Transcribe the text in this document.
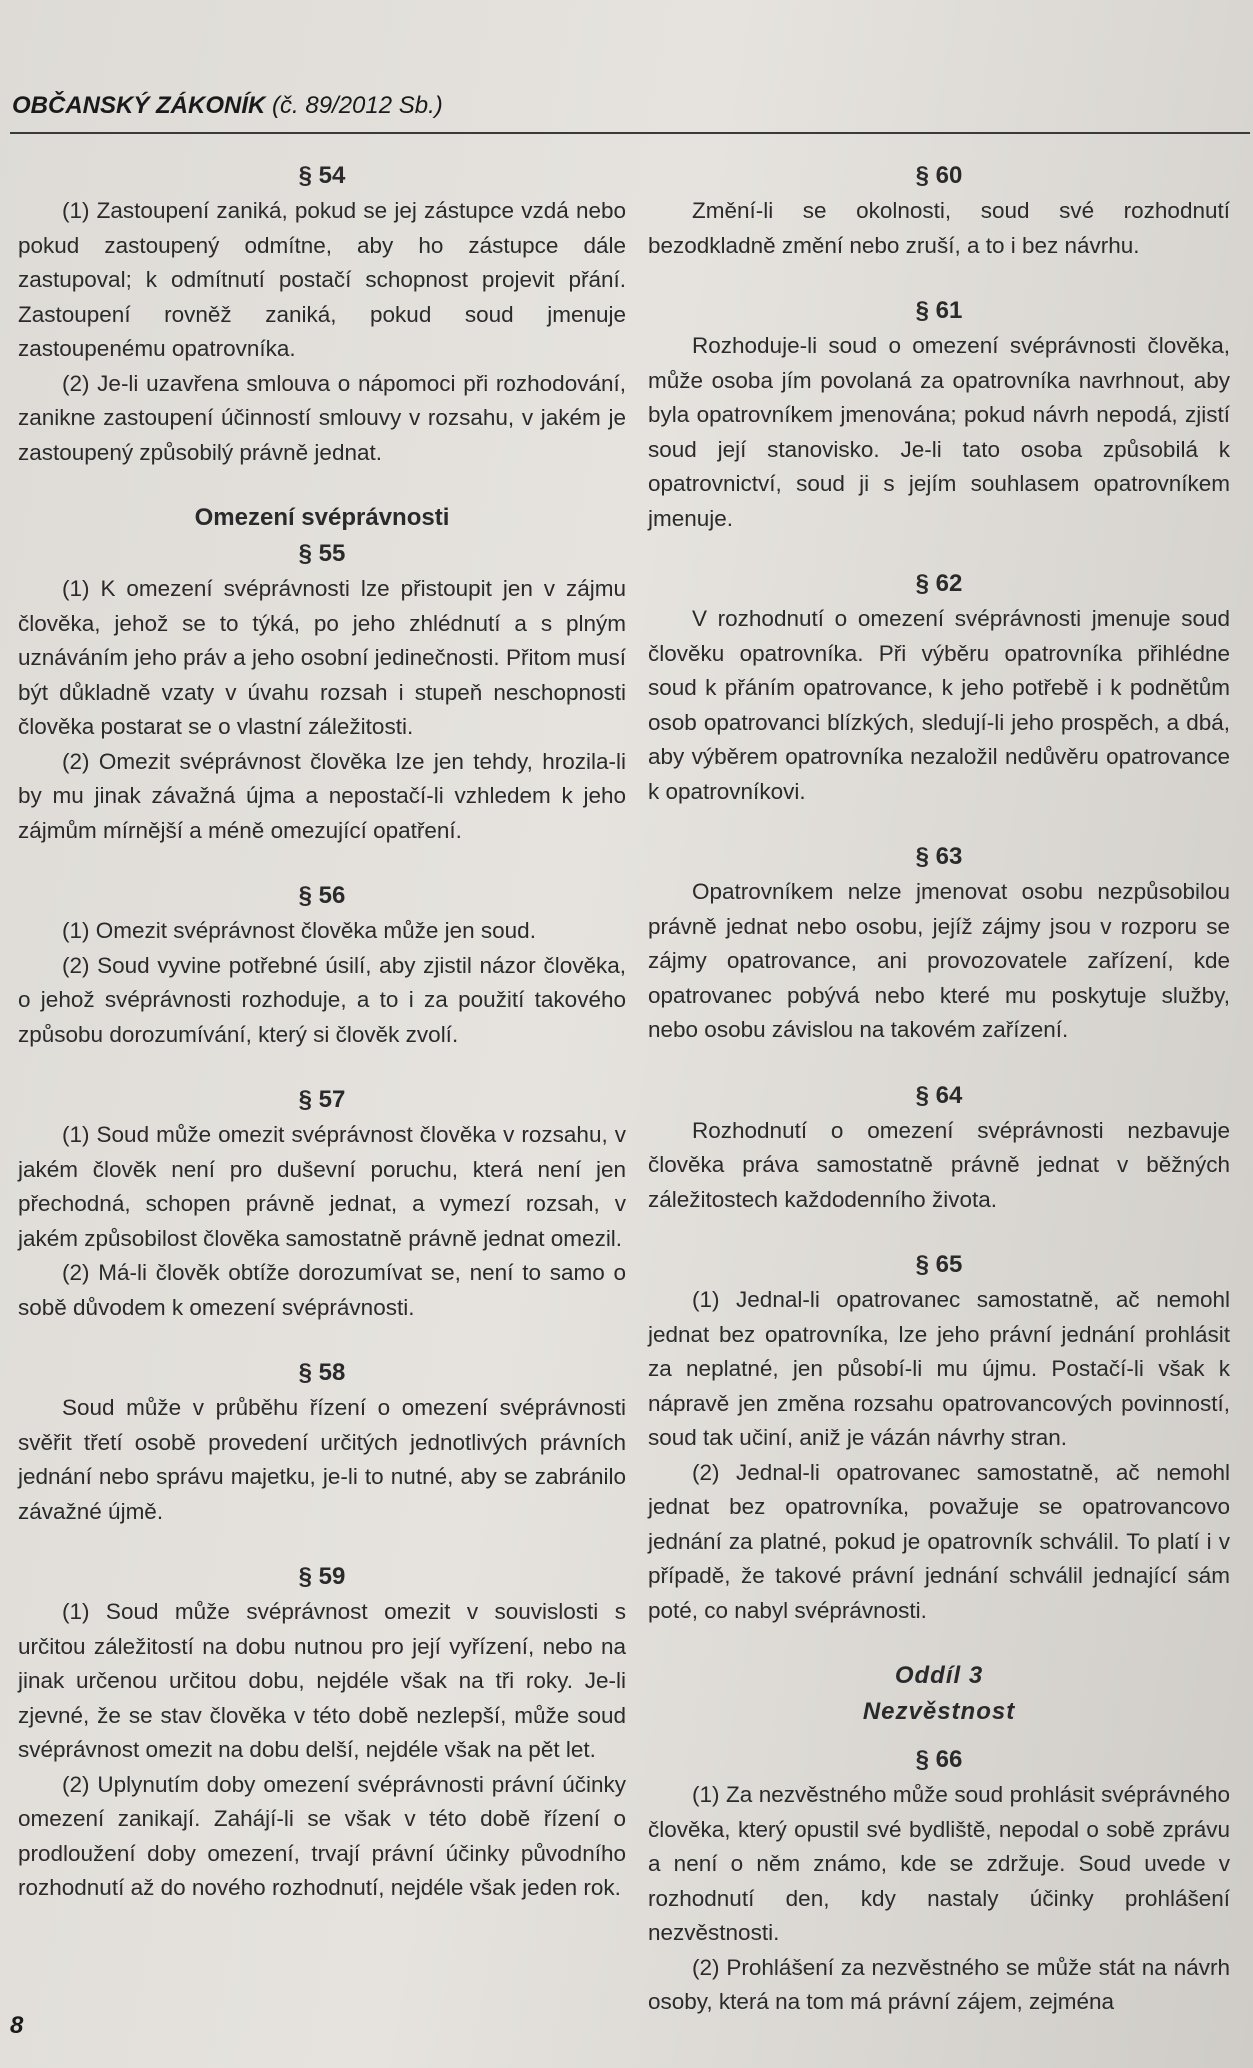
OBČANSKÝ ZÁKONÍK (č. 89/2012 Sb.)
§ 54

(1) Zastoupení zaniká, pokud se jej zástupce vzdá nebo pokud zastoupený odmítne, aby ho zástupce dále zastupoval; k odmítnutí postačí schopnost projevit přání. Zastoupení rovněž zaniká, pokud soud jmenuje zastoupenému opatrovníka.

(2) Je-li uzavřena smlouva o nápomoci při rozhodování, zanikne zastoupení účinností smlouvy v rozsahu, v jakém je zastoupený způsobilý právně jednat.

Omezení svéprávnosti
§ 55

(1) K omezení svéprávnosti lze přistoupit jen v zájmu člověka, jehož se to týká, po jeho zhlédnutí a s plným uznáváním jeho práv a jeho osobní jedinečnosti. Přitom musí být důkladně vzaty v úvahu rozsah i stupeň neschopnosti člověka postarat se o vlastní záležitosti.

(2) Omezit svéprávnost člověka lze jen tehdy, hrozila-li by mu jinak závažná újma a nepostačí-li vzhledem k jeho zájmům mírnější a méně omezující opatření.

§ 56

(1) Omezit svéprávnost člověka může jen soud.

(2) Soud vyvine potřebné úsilí, aby zjistil názor člověka, o jehož svéprávnosti rozhoduje, a to i za použití takového způsobu dorozumívání, který si člověk zvolí.

§ 57

(1) Soud může omezit svéprávnost člověka v rozsahu, v jakém člověk není pro duševní poruchu, která není jen přechodná, schopen právně jednat, a vymezí rozsah, v jakém způsobilost člověka samostatně právně jednat omezil.

(2) Má-li člověk obtíže dorozumívat se, není to samo o sobě důvodem k omezení svéprávnosti.

§ 58

Soud může v průběhu řízení o omezení svéprávnosti svěřit třetí osobě provedení určitých jednotlivých právních jednání nebo správu majetku, je-li to nutné, aby se zabránilo závažné újmě.

§ 59

(1) Soud může svéprávnost omezit v souvislosti s určitou záležitostí na dobu nutnou pro její vyřízení, nebo na jinak určenou určitou dobu, nejdéle však na tři roky. Je-li zjevné, že se stav člověka v této době nezlepší, může soud svéprávnost omezit na dobu delší, nejdéle však na pět let.

(2) Uplynutím doby omezení svéprávnosti právní účinky omezení zanikají. Zahájí-li se však v této době řízení o prodloužení doby omezení, trvají právní účinky původního rozhodnutí až do nového rozhodnutí, nejdéle však jeden rok.

§ 60

Změní-li se okolnosti, soud své rozhodnutí bezodkladně změní nebo zruší, a to i bez návrhu.

§ 61

Rozhoduje-li soud o omezení svéprávnosti člověka, může osoba jím povolaná za opatrovníka navrhnout, aby byla opatrovníkem jmenována; pokud návrh nepodá, zjistí soud její stanovisko. Je-li tato osoba způsobilá k opatrovnictví, soud ji s jejím souhlasem opatrovníkem jmenuje.

§ 62

V rozhodnutí o omezení svéprávnosti jmenuje soud člověku opatrovníka. Při výběru opatrovníka přihlédne soud k přáním opatrovance, k jeho potřebě i k podnětům osob opatrovanci blízkých, sledují-li jeho prospěch, a dbá, aby výběrem opatrovníka nezaložil nedůvěru opatrovance k opatrovníkovi.

§ 63

Opatrovníkem nelze jmenovat osobu nezpůsobilou právně jednat nebo osobu, jejíž zájmy jsou v rozporu se zájmy opatrovance, ani provozovatele zařízení, kde opatrovanec pobývá nebo které mu poskytuje služby, nebo osobu závislou na takovém zařízení.

§ 64

Rozhodnutí o omezení svéprávnosti nezbavuje člověka práva samostatně právně jednat v běžných záležitostech každodenního života.

§ 65

(1) Jednal-li opatrovanec samostatně, ač nemohl jednat bez opatrovníka, lze jeho právní jednání prohlásit za neplatné, jen působí-li mu újmu. Postačí-li však k nápravě jen změna rozsahu opatrovancových povinností, soud tak učiní, aniž je vázán návrhy stran.

(2) Jednal-li opatrovanec samostatně, ač nemohl jednat bez opatrovníka, považuje se opatrovancovo jednání za platné, pokud je opatrovník schválil. To platí i v případě, že takové právní jednání schválil jednající sám poté, co nabyl svéprávnosti.

Oddíl 3
Nezvěstnost
§ 66

(1) Za nezvěstného může soud prohlásit svéprávného člověka, který opustil své bydliště, nepodal o sobě zprávu a není o něm známo, kde se zdržuje. Soud uvede v rozhodnutí den, kdy nastaly účinky prohlášení nezvěstnosti.

(2) Prohlášení za nezvěstného se může stát na návrh osoby, která na tom má právní zájem, zejména

8
